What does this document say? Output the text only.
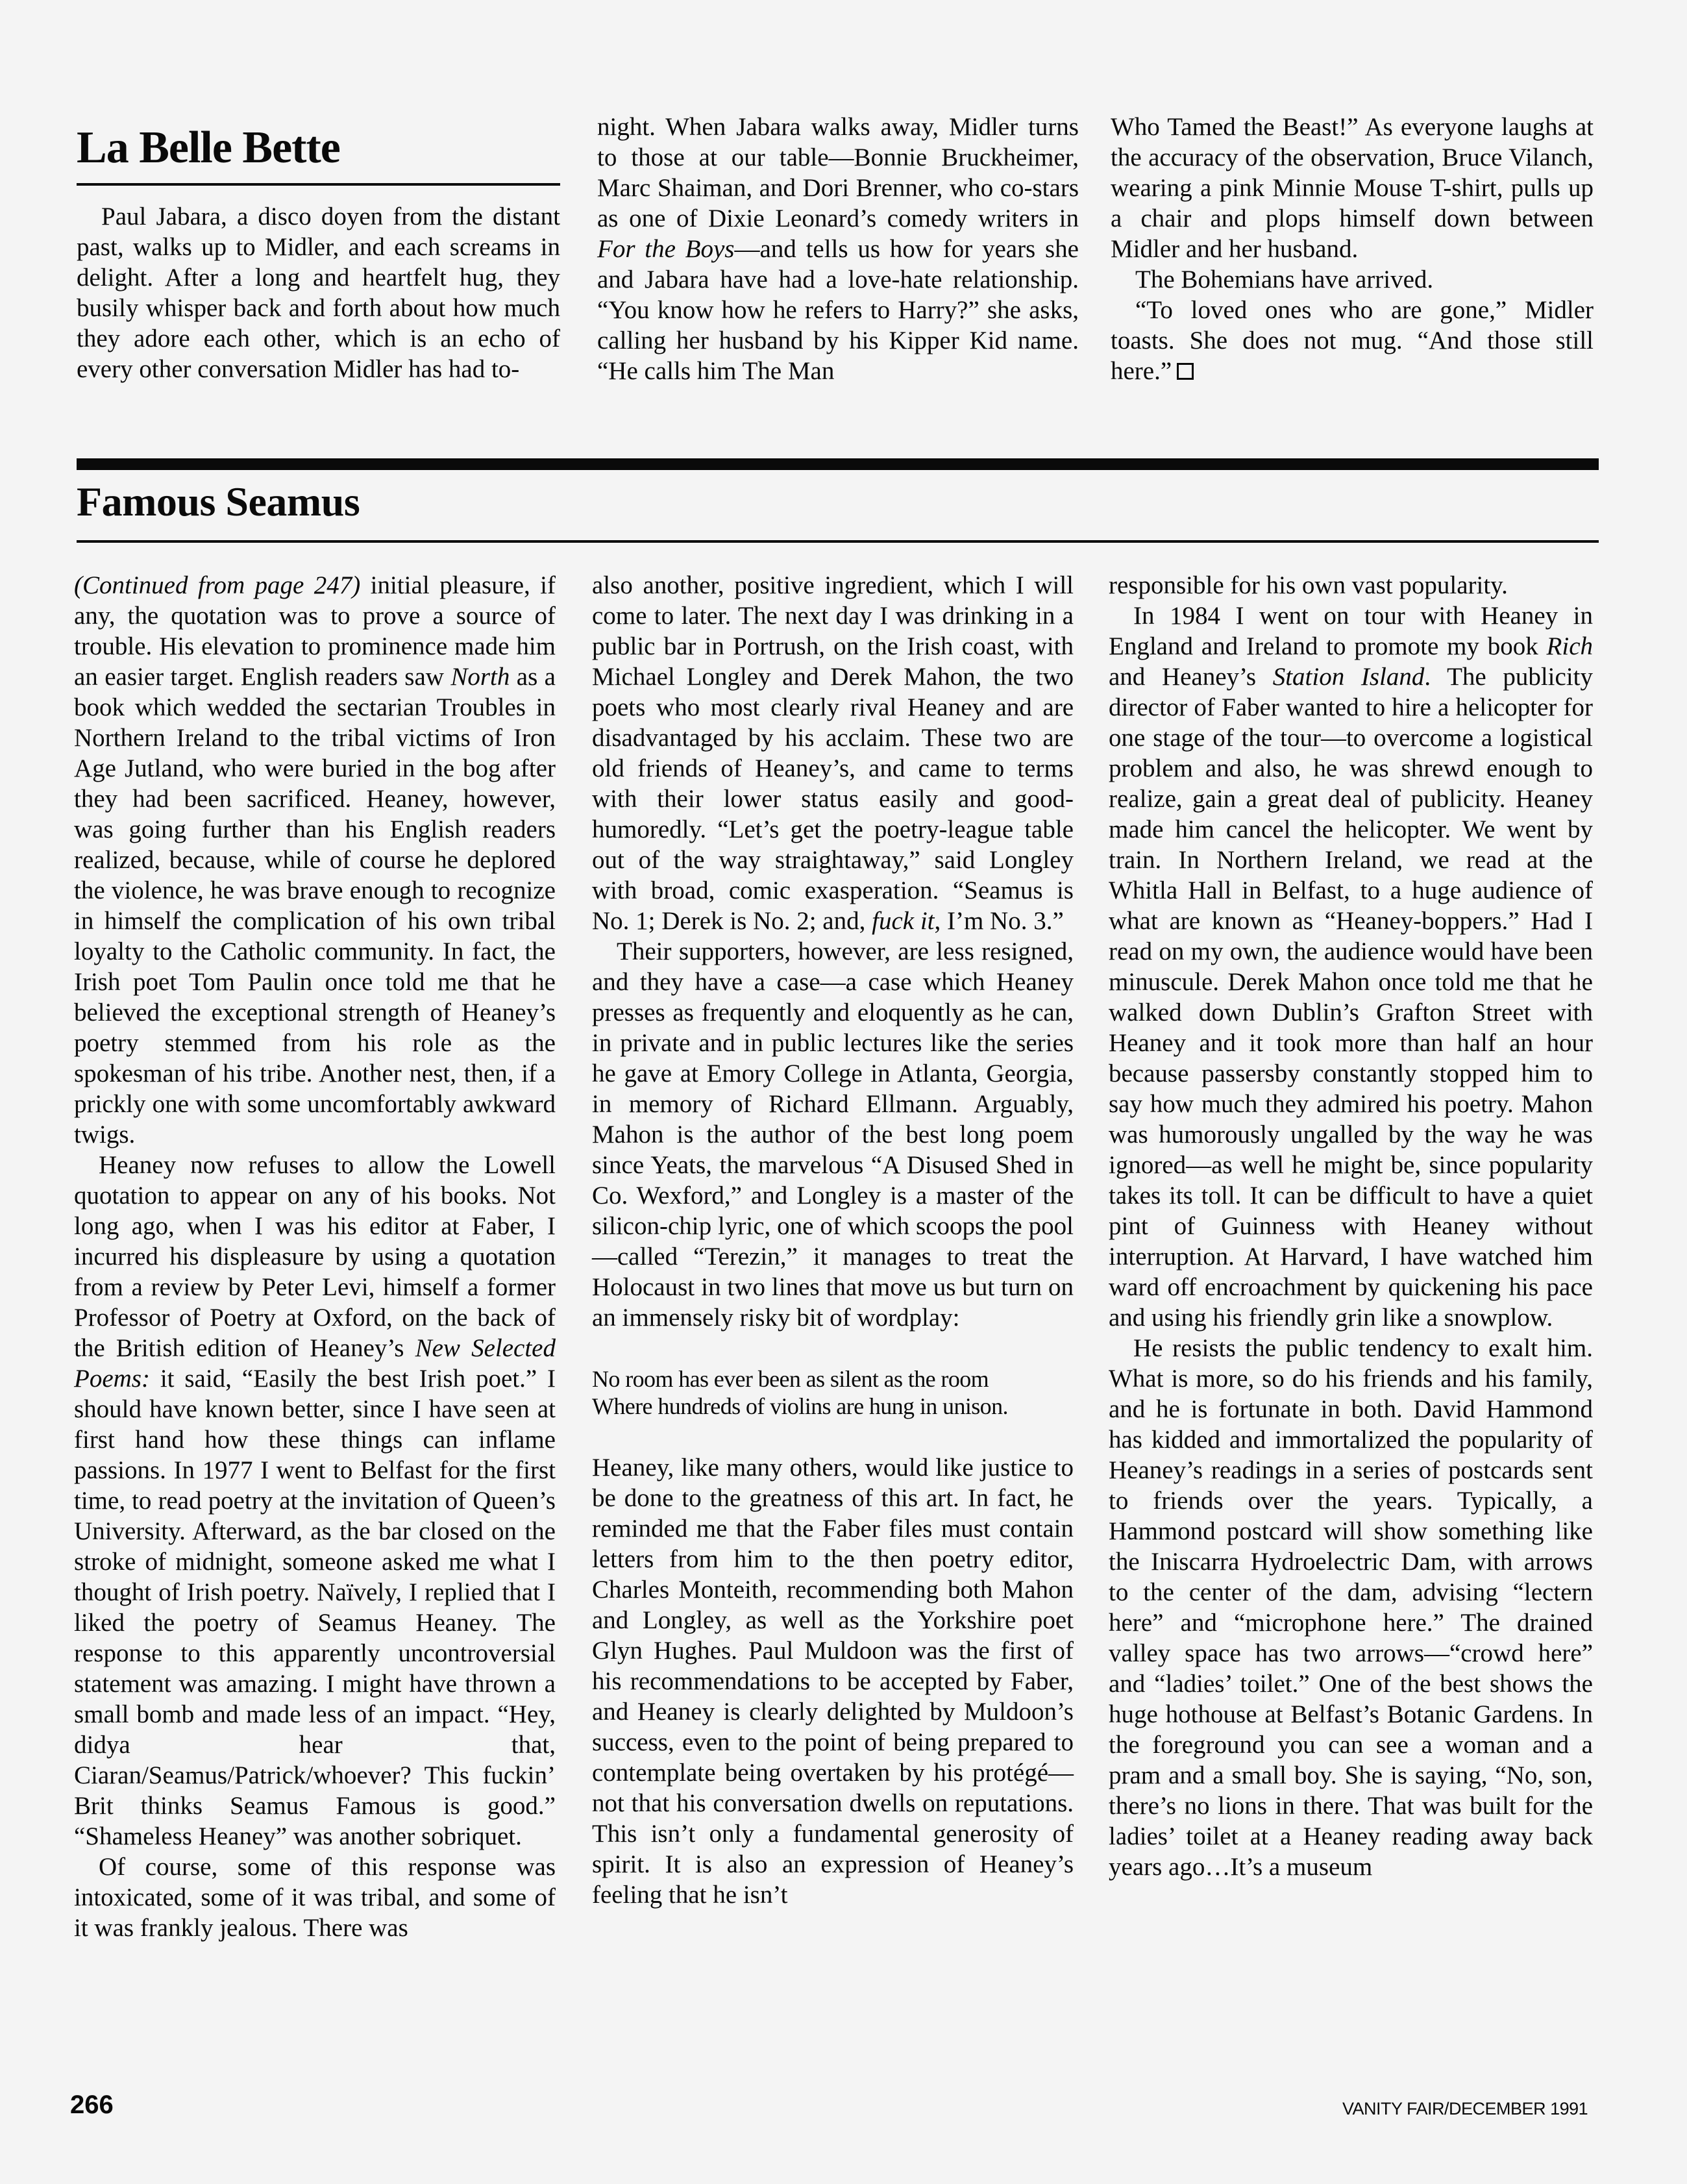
La Belle Bette

Paul Jabara, a disco doyen from the distant past, walks up to Midler, and each screams in delight. After a long and heartfelt hug, they busily whisper back and forth about how much they adore each other, which is an echo of every other conversation Midler has had to-

night. When Jabara walks away, Midler turns to those at our table—Bonnie Bruckheimer, Marc Shaiman, and Dori Brenner, who co-stars as one of Dixie Leonard’s comedy writers in For the Boys—and tells us how for years she and Jabara have had a love-hate relationship. “You know how he refers to Harry?” she asks, calling her husband by his Kipper Kid name. “He calls him The Man

Who Tamed the Beast!” As everyone laughs at the accuracy of the observation, Bruce Vilanch, wearing a pink Minnie Mouse T-shirt, pulls up a chair and plops himself down between Midler and her husband.

The Bohemians have arrived.

“To loved ones who are gone,” Midler toasts. She does not mug. “And those still here.”

Famous Seamus

(Continued from page 247) initial pleasure, if any, the quotation was to prove a source of trouble. His elevation to prominence made him an easier target. English readers saw North as a book which wedded the sectarian Troubles in Northern Ireland to the tribal victims of Iron Age Jutland, who were buried in the bog after they had been sacrificed. Heaney, however, was going further than his English readers realized, because, while of course he deplored the violence, he was brave enough to recognize in himself the complication of his own tribal loyalty to the Catholic community. In fact, the Irish poet Tom Paulin once told me that he believed the exceptional strength of Heaney’s poetry stemmed from his role as the spokesman of his tribe. Another nest, then, if a prickly one with some uncomfortably awkward twigs.

Heaney now refuses to allow the Lowell quotation to appear on any of his books. Not long ago, when I was his editor at Faber, I incurred his displeasure by using a quotation from a review by Peter Levi, himself a former Professor of Poetry at Oxford, on the back of the British edition of Heaney’s New Selected Poems: it said, “Easily the best Irish poet.” I should have known better, since I have seen at first hand how these things can inflame passions. In 1977 I went to Belfast for the first time, to read poetry at the invitation of Queen’s University. Afterward, as the bar closed on the stroke of midnight, someone asked me what I thought of Irish poetry. Naïvely, I replied that I liked the poetry of Seamus Heaney. The response to this apparently uncontroversial statement was amazing. I might have thrown a small bomb and made less of an impact. “Hey, didya hear that, Ciaran/Seamus/Patrick/whoever? This fuckin’ Brit thinks Seamus Famous is good.” “Shameless Heaney” was another sobriquet.

Of course, some of this response was intoxicated, some of it was tribal, and some of it was frankly jealous. There was

also another, positive ingredient, which I will come to later. The next day I was drinking in a public bar in Portrush, on the Irish coast, with Michael Longley and Derek Mahon, the two poets who most clearly rival Heaney and are disadvantaged by his acclaim. These two are old friends of Heaney’s, and came to terms with their lower status easily and good-humoredly. “Let’s get the poetry-league table out of the way straightaway,” said Longley with broad, comic exasperation. “Seamus is No. 1; Derek is No. 2; and, fuck it, I’m No. 3.”

Their supporters, however, are less resigned, and they have a case—a case which Heaney presses as frequently and eloquently as he can, in private and in public lectures like the series he gave at Emory College in Atlanta, Georgia, in memory of Richard Ellmann. Arguably, Mahon is the author of the best long poem since Yeats, the marvelous “A Disused Shed in Co. Wexford,” and Longley is a master of the silicon-chip lyric, one of which scoops the pool—called “Terezin,” it manages to treat the Holocaust in two lines that move us but turn on an immensely risky bit of wordplay:

No room has ever been as silent as the room
Where hundreds of violins are hung in unison.

Heaney, like many others, would like justice to be done to the greatness of this art. In fact, he reminded me that the Faber files must contain letters from him to the then poetry editor, Charles Monteith, recommending both Mahon and Longley, as well as the Yorkshire poet Glyn Hughes. Paul Muldoon was the first of his recommendations to be accepted by Faber, and Heaney is clearly delighted by Muldoon’s success, even to the point of being prepared to contemplate being overtaken by his protégé—not that his conversation dwells on reputations. This isn’t only a fundamental generosity of spirit. It is also an expression of Heaney’s feeling that he isn’t

responsible for his own vast popularity.

In 1984 I went on tour with Heaney in England and Ireland to promote my book Rich and Heaney’s Station Island. The publicity director of Faber wanted to hire a helicopter for one stage of the tour—to overcome a logistical problem and also, he was shrewd enough to realize, gain a great deal of publicity. Heaney made him cancel the helicopter. We went by train. In Northern Ireland, we read at the Whitla Hall in Belfast, to a huge audience of what are known as “Heaney-boppers.” Had I read on my own, the audience would have been minuscule. Derek Mahon once told me that he walked down Dublin’s Grafton Street with Heaney and it took more than half an hour because passersby constantly stopped him to say how much they admired his poetry. Mahon was humorously ungalled by the way he was ignored—as well he might be, since popularity takes its toll. It can be difficult to have a quiet pint of Guinness with Heaney without interruption. At Harvard, I have watched him ward off encroachment by quickening his pace and using his friendly grin like a snowplow.

He resists the public tendency to exalt him. What is more, so do his friends and his family, and he is fortunate in both. David Hammond has kidded and immortalized the popularity of Heaney’s readings in a series of postcards sent to friends over the years. Typically, a Hammond postcard will show something like the Iniscarra Hydroelectric Dam, with arrows to the center of the dam, advising “lectern here” and “microphone here.” The drained valley space has two arrows—“crowd here” and “ladies’ toilet.” One of the best shows the huge hothouse at Belfast’s Botanic Gardens. In the foreground you can see a woman and a pram and a small boy. She is saying, “No, son, there’s no lions in there. That was built for the ladies’ toilet at a Heaney reading away back years ago…It’s a museum

266	VANITY FAIR/DECEMBER 1991
